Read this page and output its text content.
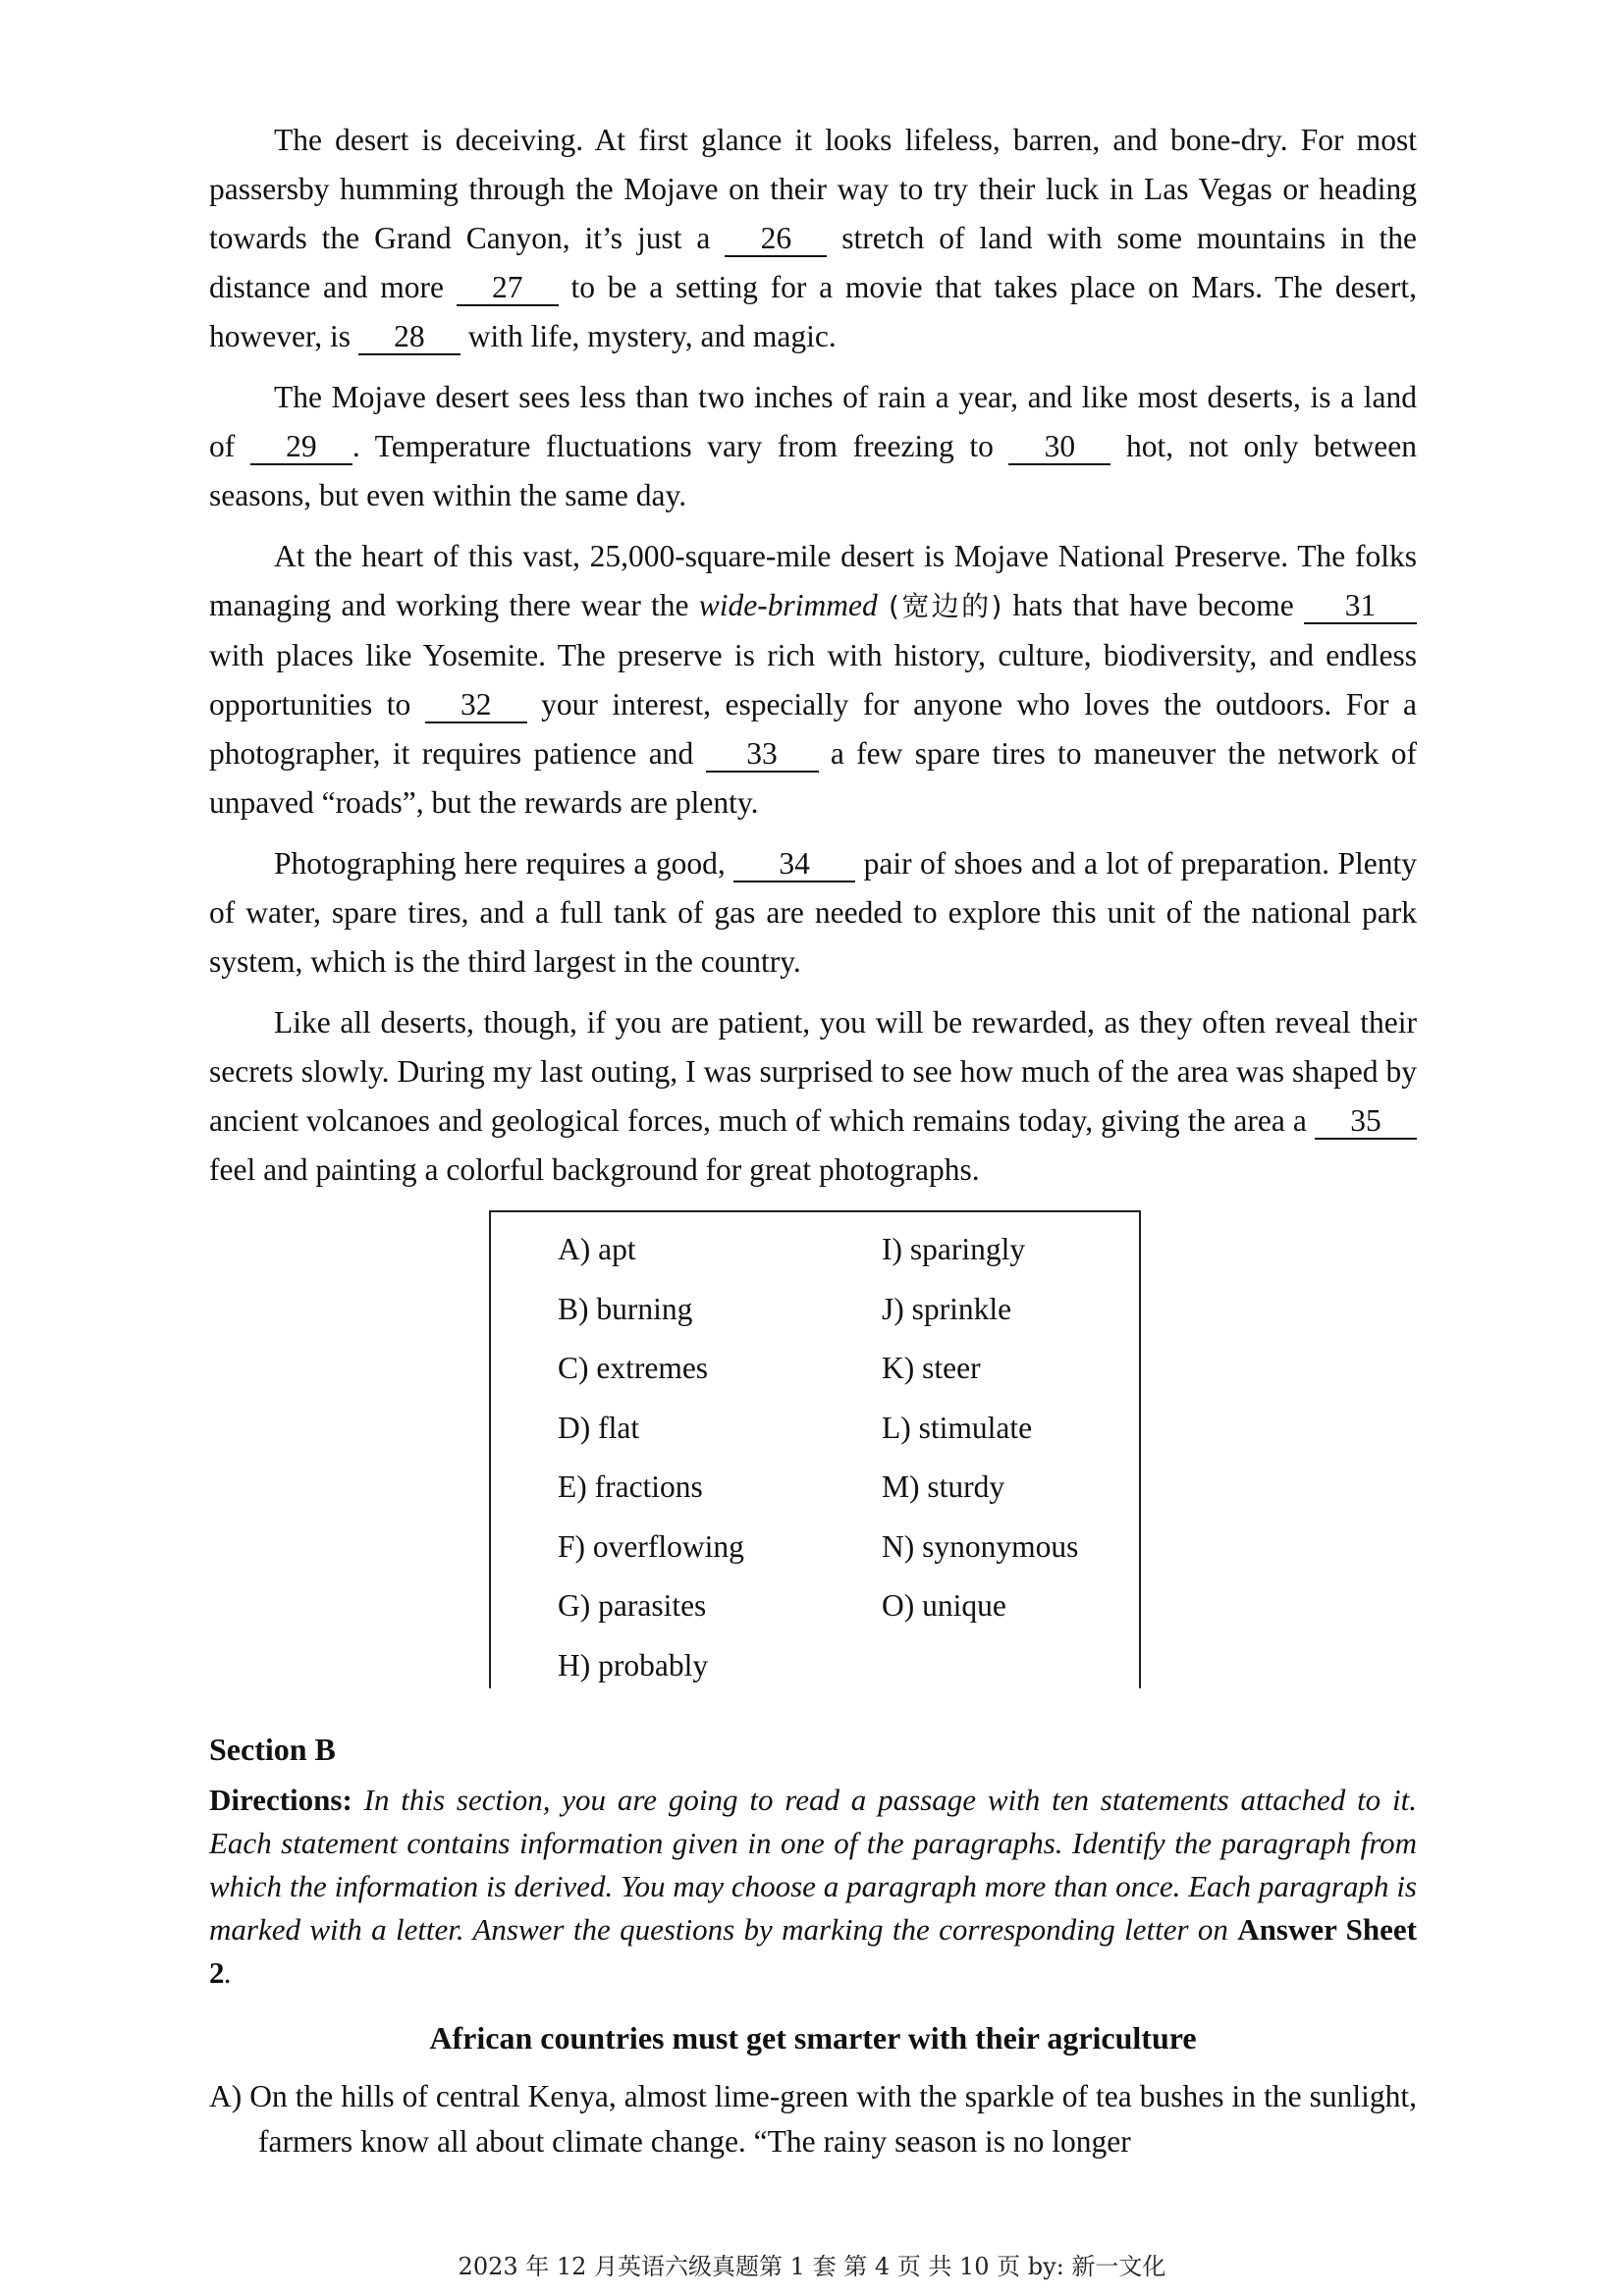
The desert is deceiving. At first glance it looks lifeless, barren, and bone-dry. For most passersby humming through the Mojave on their way to try their luck in Las Vegas or heading towards the Grand Canyon, it’s just a 26 stretch of land with some mountains in the distance and more 27 to be a setting for a movie that takes place on Mars. The desert, however, is 28 with life, mystery, and magic.

The Mojave desert sees less than two inches of rain a year, and like most deserts, is a land of 29 . Temperature fluctuations vary from freezing to 30 hot, not only between seasons, but even within the same day.

At the heart of this vast, 25,000-square-mile desert is Mojave National Preserve. The folks managing and working there wear the wide-brimmed (宽边的) hats that have become 31 with places like Yosemite. The preserve is rich with history, culture, biodiversity, and endless opportunities to 32 your interest, especially for anyone who loves the outdoors. For a photographer, it requires patience and 33 a few spare tires to maneuver the network of unpaved “roads”, but the rewards are plenty.

Photographing here requires a good, 34 pair of shoes and a lot of preparation. Plenty of water, spare tires, and a full tank of gas are needed to explore this unit of the national park system, which is the third largest in the country.

Like all deserts, though, if you are patient, you will be rewarded, as they often reveal their secrets slowly. During my last outing, I was surprised to see how much of the area was shaped by ancient volcanoes and geological forces, much of which remains today, giving the area a 35 feel and painting a colorful background for great photographs.

A) apt
B) burning
C) extremes
D) flat
E) fractions
F) overflowing
G) parasites
H) probably
I) sparingly
J) sprinkle
K) steer
L) stimulate
M) sturdy
N) synonymous
O) unique
Section B
Directions: In this section, you are going to read a passage with ten statements attached to it. Each statement contains information given in one of the paragraphs. Identify the paragraph from which the information is derived. You may choose a paragraph more than once. Each paragraph is marked with a letter. Answer the questions by marking the corresponding letter on Answer Sheet 2.
African countries must get smarter with their agriculture
A) On the hills of central Kenya, almost lime-green with the sparkle of tea bushes in the sunlight, farmers know all about climate change. “The rainy season is no longer
2023 年 12 月英语六级真题第 1 套 第 4 页 共 10 页 by: 新一文化
